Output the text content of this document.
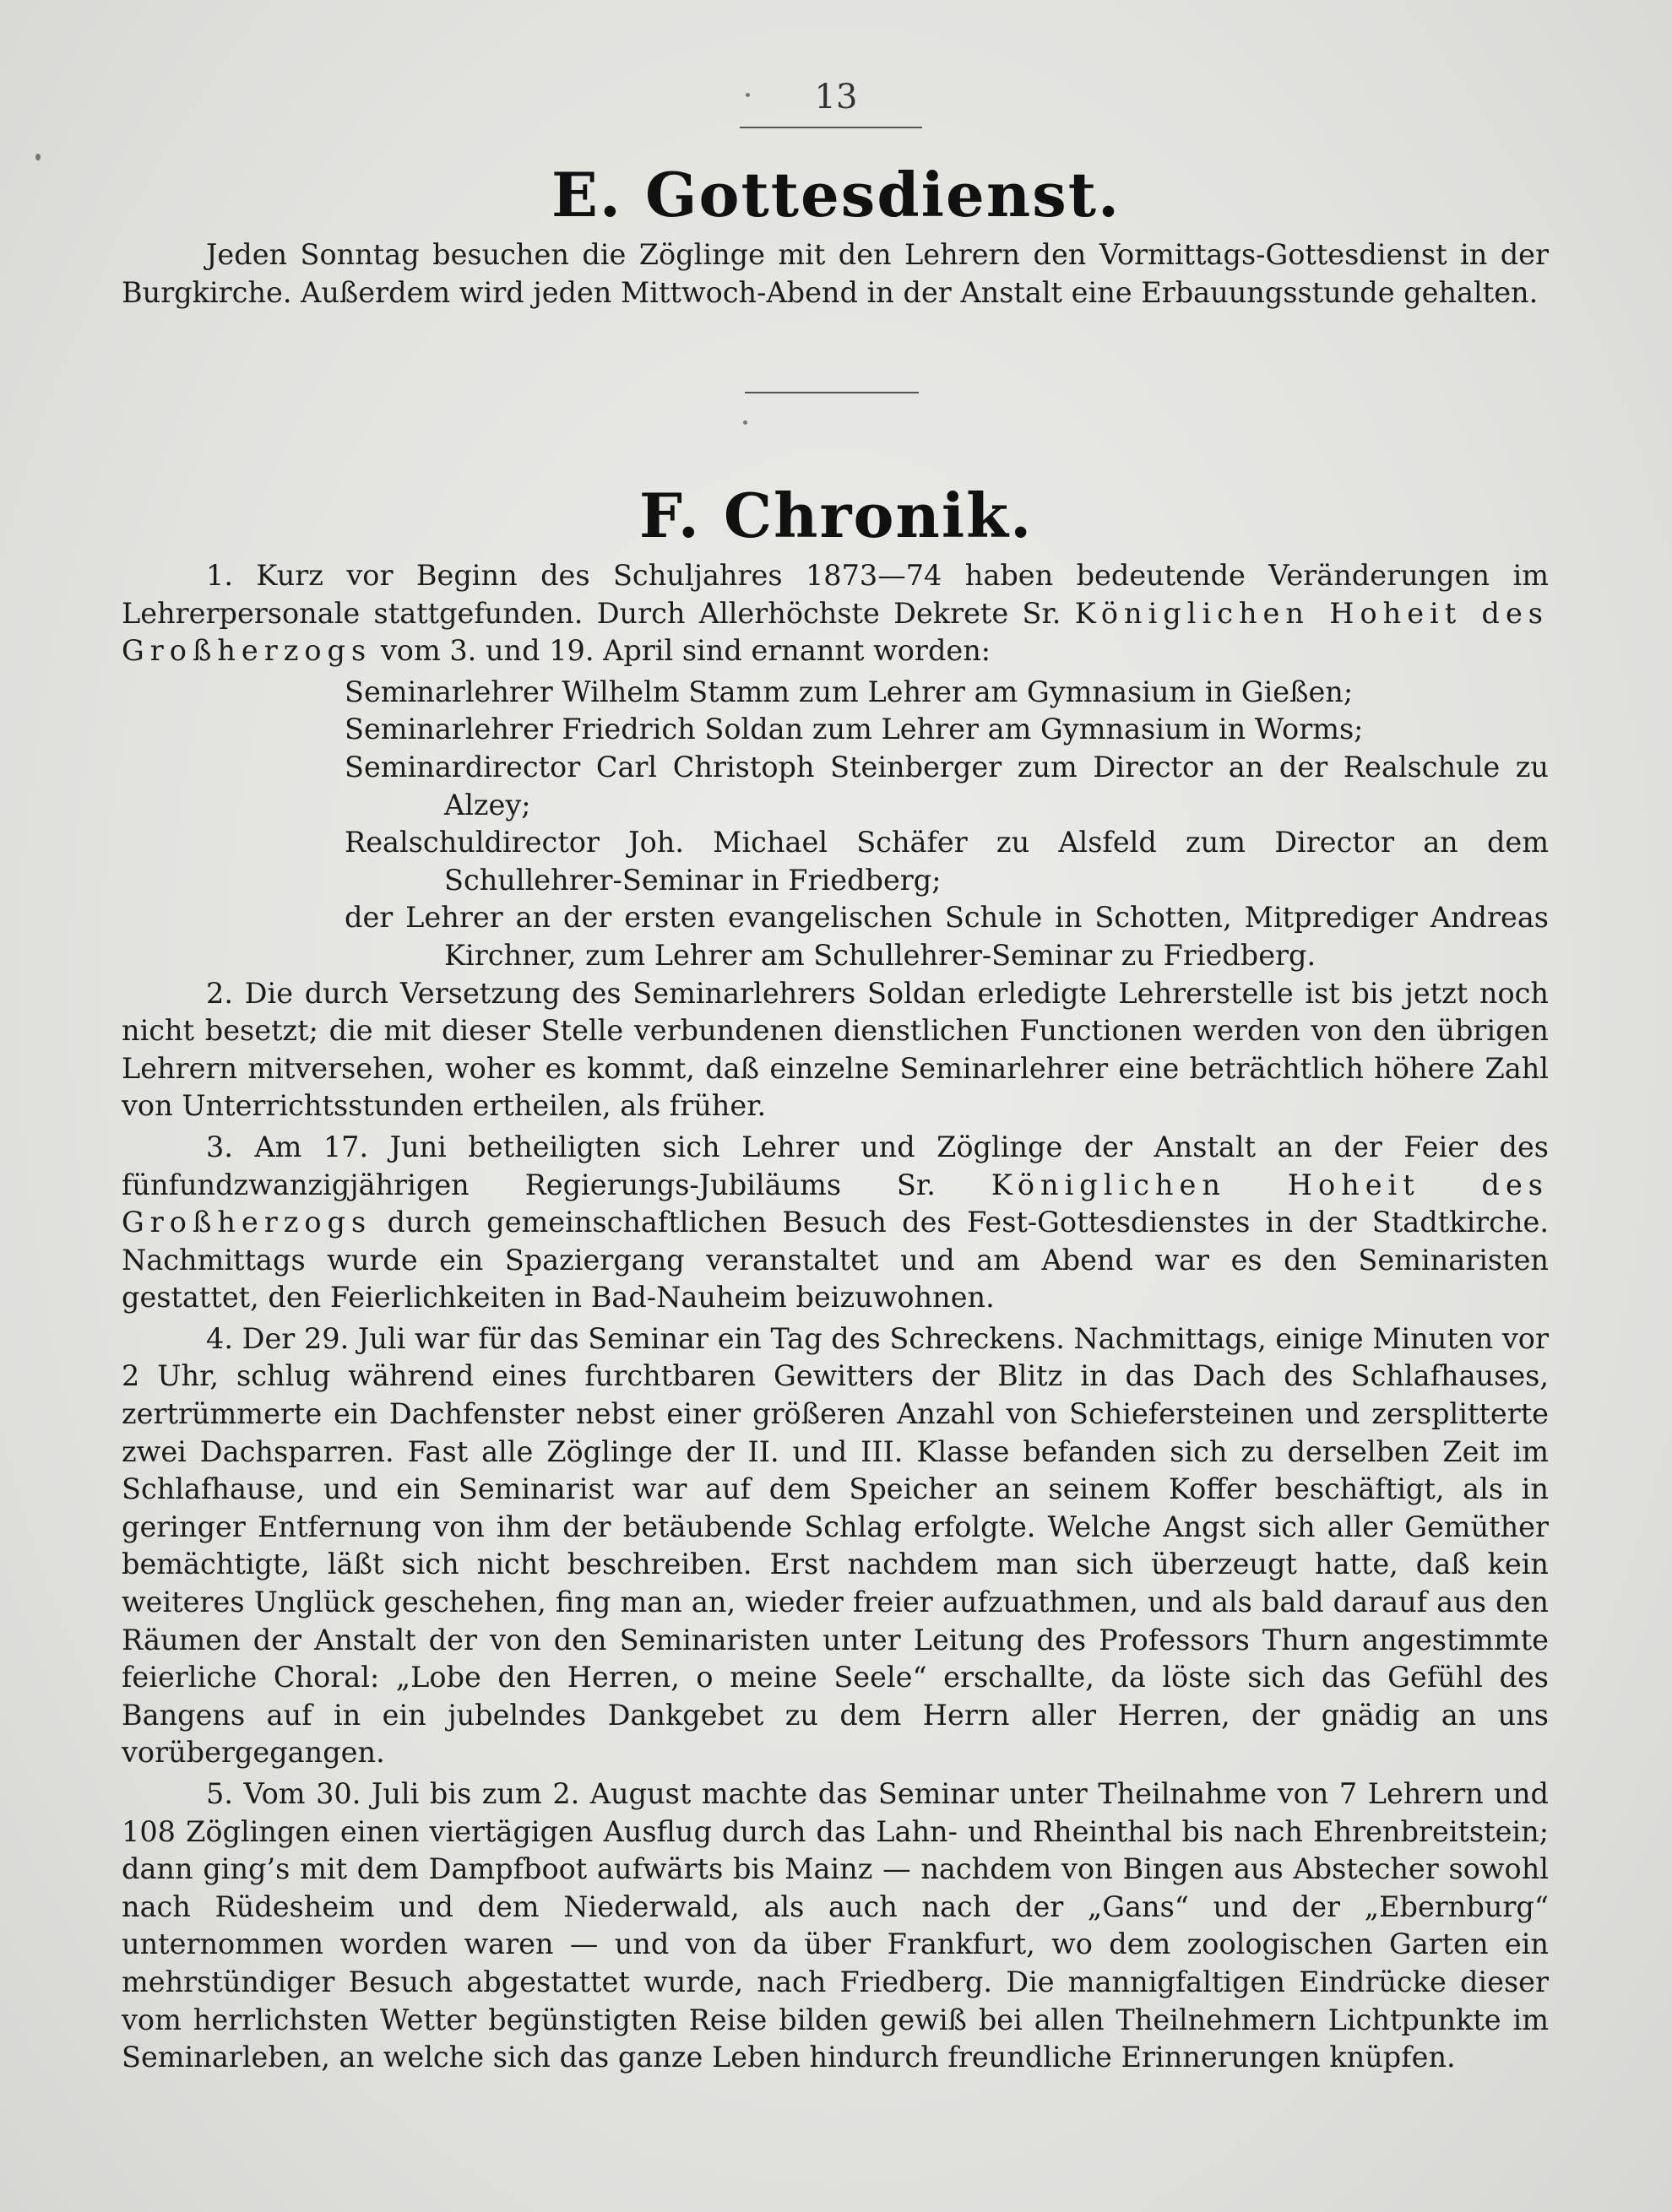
13
E. Gottesdienst.

Jeden Sonntag besuchen die Zöglinge mit den Lehrern den Vormittags-Gottesdienst in der Burgkirche. Außerdem wird jeden Mittwoch-Abend in der Anstalt eine Erbauungsstunde gehalten.

F. Chronik.

1. Kurz vor Beginn des Schuljahres 1873—74 haben bedeutende Veränderungen im Lehrerpersonale stattgefunden. Durch Allerhöchste Dekrete Sr. Königlichen Hoheit des Großherzogs vom 3. und 19. April sind ernannt worden:

Seminarlehrer Wilhelm Stamm zum Lehrer am Gymnasium in Gießen;
Seminarlehrer Friedrich Soldan zum Lehrer am Gymnasium in Worms;
Seminardirector Carl Christoph Steinberger zum Director an der Realschule zu Alzey;
Realschuldirector Joh. Michael Schäfer zu Alsfeld zum Director an dem Schullehrer-Seminar in Friedberg;
der Lehrer an der ersten evangelischen Schule in Schotten, Mitprediger Andreas Kirchner, zum Lehrer am Schullehrer-Seminar zu Friedberg.

2. Die durch Versetzung des Seminarlehrers Soldan erledigte Lehrerstelle ist bis jetzt noch nicht besetzt; die mit dieser Stelle verbundenen dienstlichen Functionen werden von den übrigen Lehrern mitversehen, woher es kommt, daß einzelne Seminarlehrer eine beträchtlich höhere Zahl von Unterrichtsstunden ertheilen, als früher.

3. Am 17. Juni betheiligten sich Lehrer und Zöglinge der Anstalt an der Feier des fünfundzwanzigjährigen Regierungs-Jubiläums Sr. Königlichen Hoheit des Großherzogs durch gemeinschaftlichen Besuch des Fest-Gottesdienstes in der Stadtkirche. Nachmittags wurde ein Spaziergang veranstaltet und am Abend war es den Seminaristen gestattet, den Feierlichkeiten in Bad-Nauheim beizuwohnen.

4. Der 29. Juli war für das Seminar ein Tag des Schreckens. Nachmittags, einige Minuten vor 2 Uhr, schlug während eines furchtbaren Gewitters der Blitz in das Dach des Schlafhauses, zertrümmerte ein Dachfenster nebst einer größeren Anzahl von Schiefersteinen und zersplitterte zwei Dachsparren. Fast alle Zöglinge der II. und III. Klasse befanden sich zu derselben Zeit im Schlafhause, und ein Seminarist war auf dem Speicher an seinem Koffer beschäftigt, als in geringer Entfernung von ihm der betäubende Schlag erfolgte. Welche Angst sich aller Gemüther bemächtigte, läßt sich nicht beschreiben. Erst nachdem man sich überzeugt hatte, daß kein weiteres Unglück geschehen, fing man an, wieder freier aufzuathmen, und als bald darauf aus den Räumen der Anstalt der von den Seminaristen unter Leitung des Professors Thurn angestimmte feierliche Choral: „Lobe den Herren, o meine Seele“ erschallte, da löste sich das Gefühl des Bangens auf in ein jubelndes Dankgebet zu dem Herrn aller Herren, der gnädig an uns vorübergegangen.

5. Vom 30. Juli bis zum 2. August machte das Seminar unter Theilnahme von 7 Lehrern und 108 Zöglingen einen viertägigen Ausflug durch das Lahn- und Rheinthal bis nach Ehrenbreitstein; dann ging’s mit dem Dampfboot aufwärts bis Mainz — nachdem von Bingen aus Abstecher sowohl nach Rüdesheim und dem Niederwald, als auch nach der „Gans“ und der „Ebernburg“ unternommen worden waren — und von da über Frankfurt, wo dem zoologischen Garten ein mehrstündiger Besuch abgestattet wurde, nach Friedberg. Die mannigfaltigen Eindrücke dieser vom herrlichsten Wetter begünstigten Reise bilden gewiß bei allen Theilnehmern Lichtpunkte im Seminarleben, an welche sich das ganze Leben hindurch freundliche Erinnerungen knüpfen.
